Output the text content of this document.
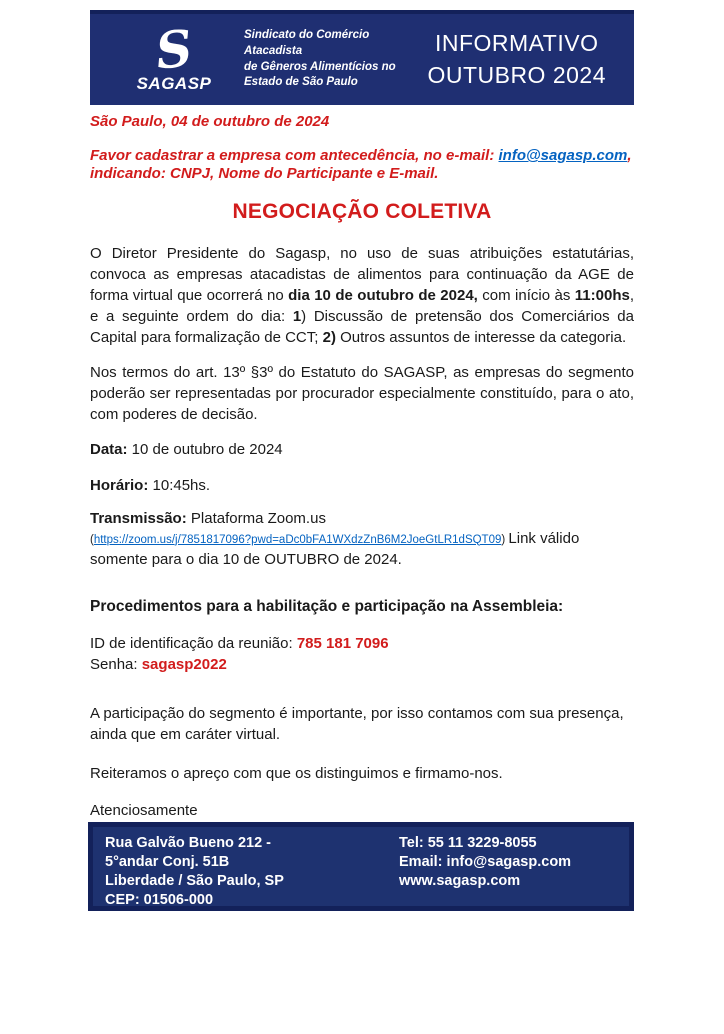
S
SAGASP
Sindicato do Comércio Atacadista
de Gêneros Alimentícios no
Estado de São Paulo
INFORMATIVO
OUTUBRO 2024
São Paulo, 04 de outubro de 2024
Favor cadastrar a empresa com antecedência, no e-mail: info@sagasp.com, indicando: CNPJ, Nome do Participante e E-mail.
NEGOCIAÇÃO COLETIVA

O Diretor Presidente do Sagasp, no uso de suas atribuições estatutárias, convoca as empresas atacadistas de alimentos para continuação da AGE de forma virtual que ocorrerá no dia 10 de outubro de 2024, com início às 11:00hs, e a seguinte ordem do dia: 1) Discussão de pretensão dos Comerciários da Capital para formalização de CCT; 2) Outros assuntos de interesse da categoria.

Nos termos do art. 13º §3º do Estatuto do SAGASP, as empresas do segmento poderão ser representadas por procurador especialmente constituído, para o ato, com poderes de decisão.

Data: 10 de outubro de 2024
Horário: 10:45hs.
Transmissão: Plataforma Zoom.us
(https://zoom.us/j/7851817096?pwd=aDc0bFA1WXdzZnB6M2JoeGtLR1dSQT09) Link válido somente para o dia 10 de OUTUBRO de 2024.
Procedimentos para a habilitação e participação na Assembleia:
ID de identificação da reunião: 785 181 7096
Senha: sagasp2022

A participação do segmento é importante, por isso contamos com sua presença, ainda que em caráter virtual.

Reiteramos o apreço com que os distinguimos e firmamo-nos.

Atenciosamente
Rua Galvão Bueno 212 -
5°andar Conj. 51B
Liberdade / São Paulo, SP
CEP: 01506-000
Tel: 55 11 3229-8055
Email: info@sagasp.com
www.sagasp.com
